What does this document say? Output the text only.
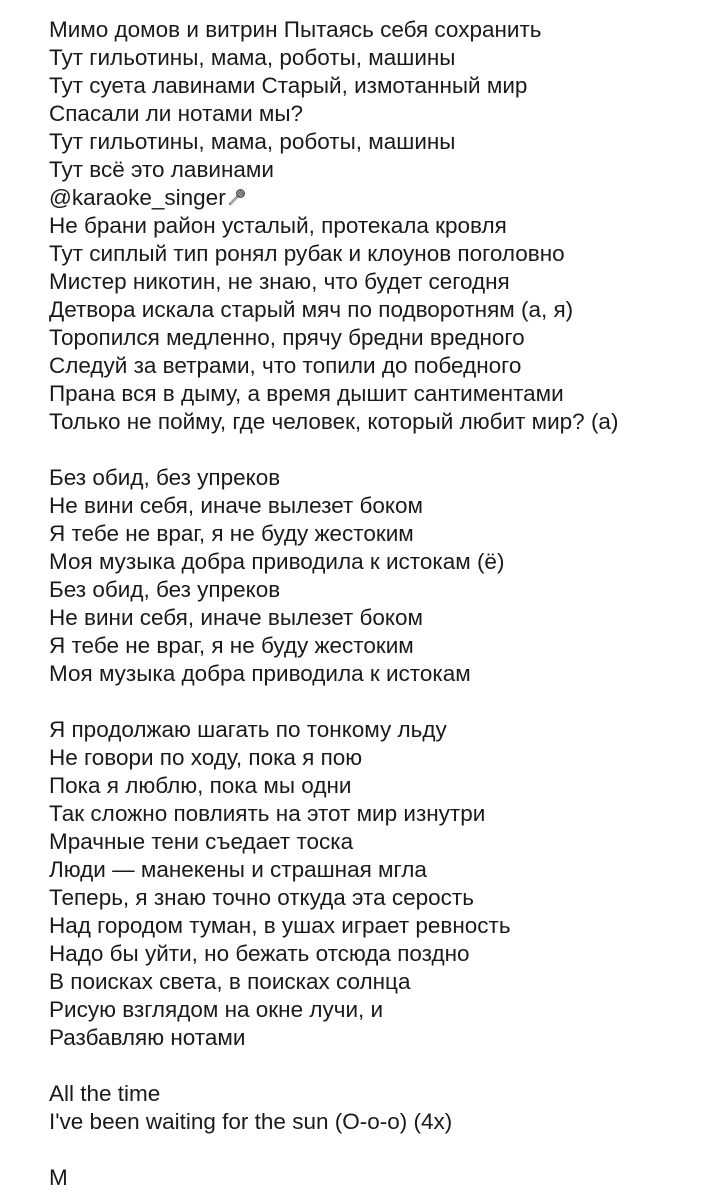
Мимо домов и витрин Пытаясь себя сохранить
Тут гильотины, мама, роботы, машины
Тут суета лавинами Старый, измотанный мир
Спасали ли нотами мы?
Тут гильотины, мама, роботы, машины
Тут всё это лавинами
@karaoke_singer
Не брани район усталый, протекала кровля
Тут сиплый тип ронял рубак и клоунов поголовно
Мистер никотин, не знаю, что будет сегодня
Детвора искала старый мяч по подворотням (а, я)
Торопился медленно, прячу бредни вредного
Следуй за ветрами, что топили до победного
Прана вся в дыму, а время дышит сантиментами
Только не пойму, где человек, который любит мир? (а)
Без обид, без упреков
Не вини себя, иначе вылезет боком
Я тебе не враг, я не буду жестоким
Моя музыка добра приводила к истокам (ё)
Без обид, без упреков
Не вини себя, иначе вылезет боком
Я тебе не враг, я не буду жестоким
Моя музыка добра приводила к истокам
Я продолжаю шагать по тонкому льду
Не говори по ходу, пока я пою
Пока я люблю, пока мы одни
Так сложно повлиять на этот мир изнутри
Мрачные тени съедает тоска
Люди — манекены и страшная мгла
Теперь, я знаю точно откуда эта серость
Над городом туман, в ушах играет ревность
Надо бы уйти, но бежать отсюда поздно
В поисках света, в поисках солнца
Рисую взглядом на окне лучи, и
Разбавляю нотами
All the time
I've been waiting for the sun (О-о-о) (4x)
М
